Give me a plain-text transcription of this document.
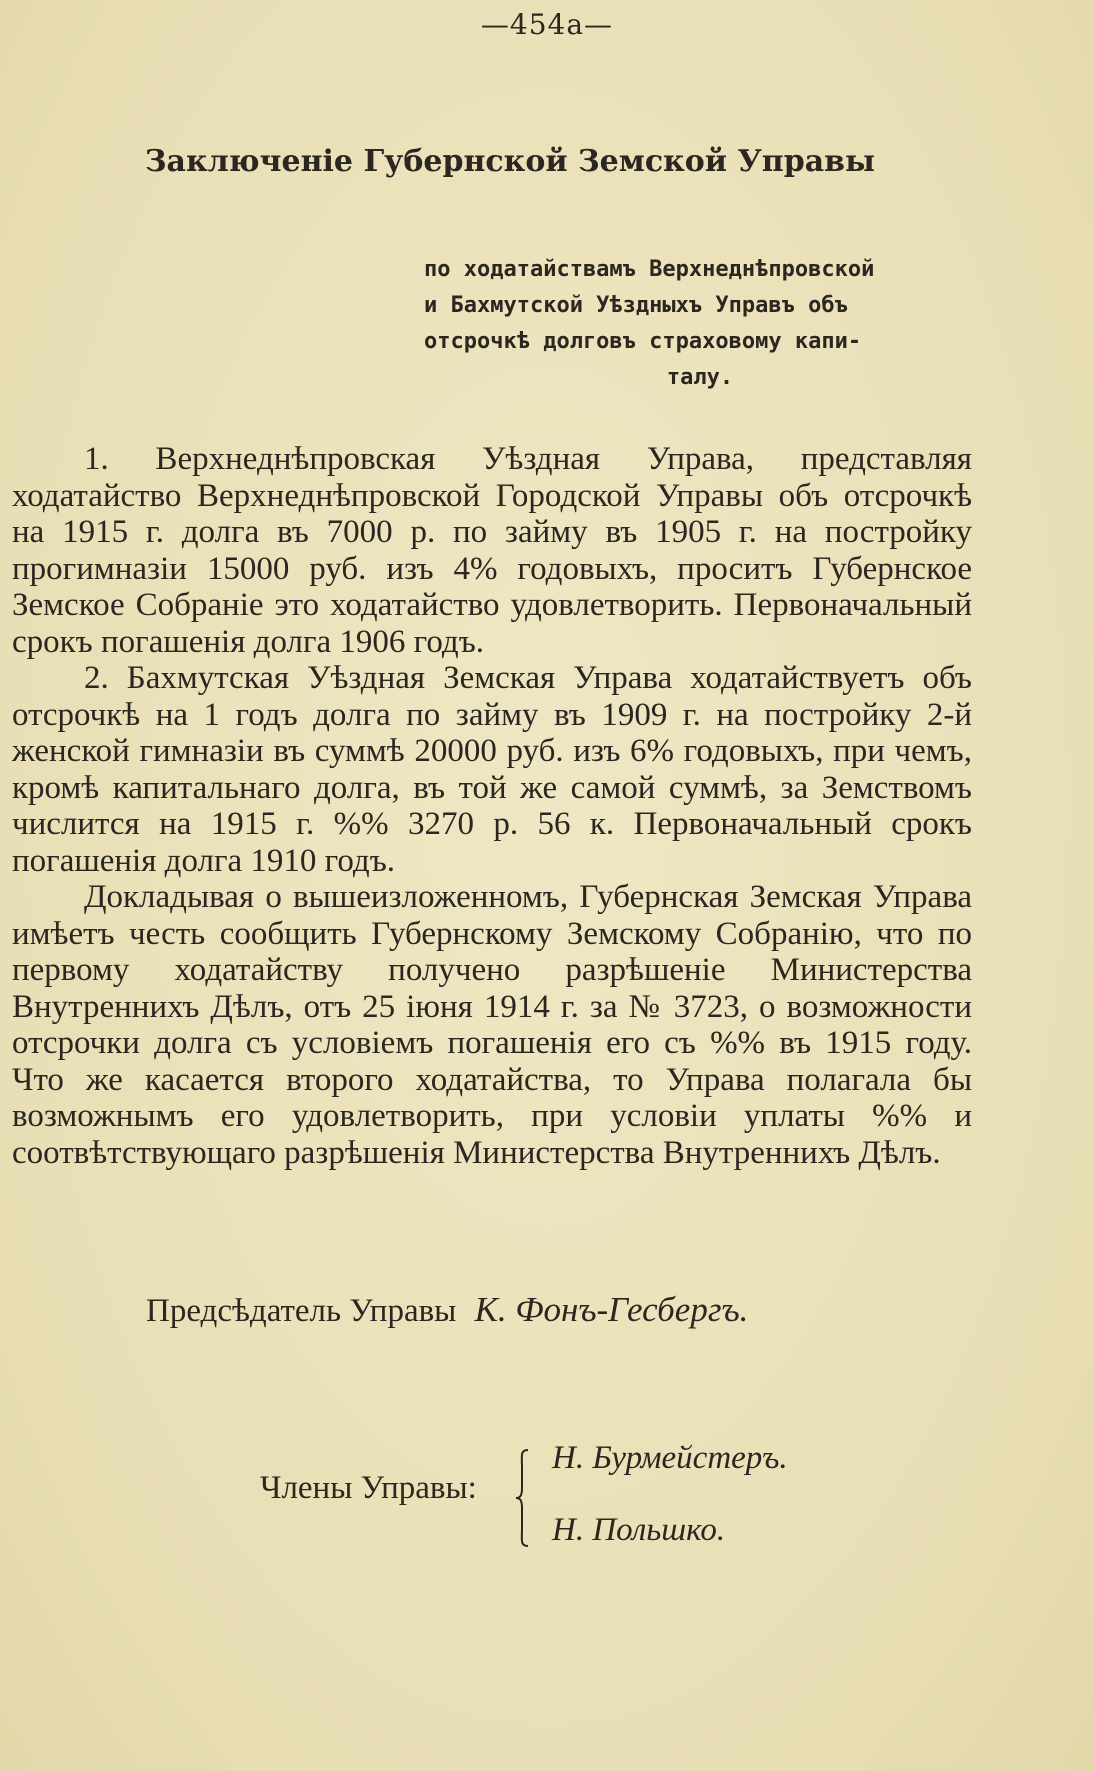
—454а—
Заключеніе Губернской Земской Управы
по ходатайствамъ Верхнеднѣпровской
и Бахмутской Уѣздныхъ Управъ объ
отсрочкѣ долговъ страховому капи-
талу.

1. Верхнеднѣпровская Уѣздная Управа, представляя ходатайство Верхнеднѣпровской Городской Управы объ отсрочкѣ на 1915 г. долга въ 7000 р. по займу въ 1905 г. на постройку прогимназіи 15000 руб. изъ 4% годовыхъ, проситъ Губернское Земское Собраніе это ходатайство удовлетворить. Первоначальный срокъ погашенія долга 1906 годъ.

2. Бахмутская Уѣздная Земская Управа ходатайствуетъ объ отсрочкѣ на 1 годъ долга по займу въ 1909 г. на постройку 2-й женской гимназіи въ суммѣ 20000 руб. изъ 6% годовыхъ, при чемъ, кромѣ капитальнаго долга, въ той же самой суммѣ, за Земствомъ числится на 1915 г. %% 3270 р. 56 к. Первоначальный срокъ погашенія долга 1910 годъ.

Докладывая о вышеизложенномъ, Губернская Земская Управа имѣетъ честь сообщить Губернскому Земскому Собранію, что по первому ходатайству получено разрѣшеніе Министерства Внутреннихъ Дѣлъ, отъ 25 іюня 1914 г. за № 3723, о возможности отсрочки долга съ условіемъ погашенія его съ %% въ 1915 году. Что же касается второго ходатайства, то Управа полагала бы возможнымъ его удовлетворить, при условіи уплаты %% и соотвѣтствующаго разрѣшенія Министерства Внутреннихъ Дѣлъ.

Предсѣдатель Управы К. Фонъ-Гесбергъ.
Члены Управы:
Н. Бурмейстеръ.
Н. Польшко.
